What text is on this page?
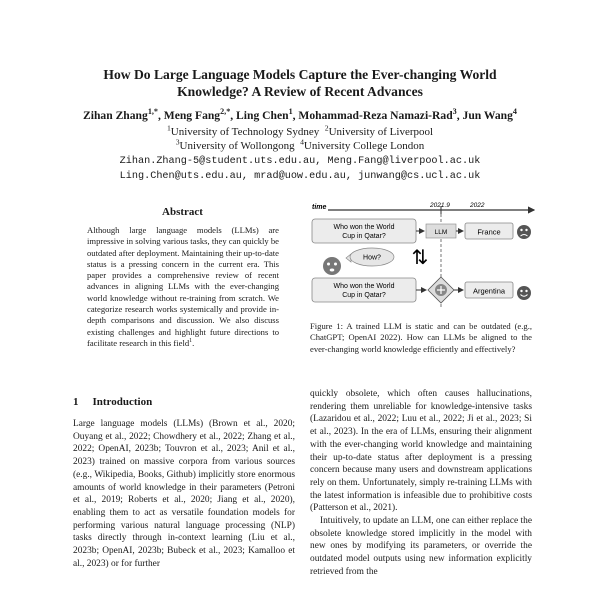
How Do Large Language Models Capture the Ever-changing World
Knowledge? A Review of Recent Advances
Zihan Zhang$^{1,*}$, Meng Fang$^{2,*}$, Ling Chen$^1$, Mohammad-Reza Namazi-Rad$^3$, Jun Wang$^4$
$^1$University of Technology Sydney $^2$University of Liverpool
$^3$University of Wollongong $^4$University College London
Zihan.Zhang-5@student.uts.edu.au, Meng.Fang@liverpool.ac.uk
Ling.Chen@uts.edu.au, mrad@uow.edu.au, junwang@cs.ucl.ac.uk
Abstract

Although large language models (LLMs) are impressive in solving various tasks, they can quickly be outdated after deployment. Maintaining their up-to-date status is a pressing concern in the current era. This paper provides a comprehensive review of recent advances in aligning LLMs with the ever-changing world knowledge without re-training from scratch. We categorize research works systemically and provide in-depth comparisons and discussion. We also discuss existing challenges and highlight future directions to facilitate research in this field$^1$.

time	2021.9	2022
Who won the World
Cup in Qatar?
LLM	France
How? ⇅
Who won the World
Cup in Qatar?	Argentina
Figure 1: A trained LLM is static and can be outdated (e.g., ChatGPT; OpenAI 2022). How can LLMs be aligned to the ever-changing world knowledge efficiently and effectively?
1 Introduction

Large language models (LLMs) (Brown et al., 2020; Ouyang et al., 2022; Chowdhery et al., 2022; Zhang et al., 2022; OpenAI, 2023b; Touvron et al., 2023; Anil et al., 2023) trained on massive corpora from various sources (e.g., Wikipedia, Books, Github) implicitly store enormous amounts of world knowledge in their parameters (Petroni et al., 2019; Roberts et al., 2020; Jiang et al., 2020), enabling them to act as versatile foundation models for performing various natural language processing (NLP) tasks directly through in-context learning (Liu et al., 2023b; OpenAI, 2023b; Bubeck et al., 2023; Kamalloo et al., 2023) or for further

quickly obsolete, which often causes hallucinations, rendering them unreliable for knowledge-intensive tasks (Lazaridou et al., 2022; Luu et al., 2022; Ji et al., 2023; Si et al., 2023). In the era of LLMs, ensuring their alignment with the ever-changing world knowledge and maintaining their up-to-date status after deployment is a pressing concern because many users and downstream applications rely on them. Unfortunately, simply re-training LLMs with the latest information is infeasible due to prohibitive costs (Patterson et al., 2021).

Intuitively, to update an LLM, one can either replace the obsolete knowledge stored implicitly in the model with new ones by modifying its parameters, or override the outdated model outputs using new information explicitly retrieved from the
